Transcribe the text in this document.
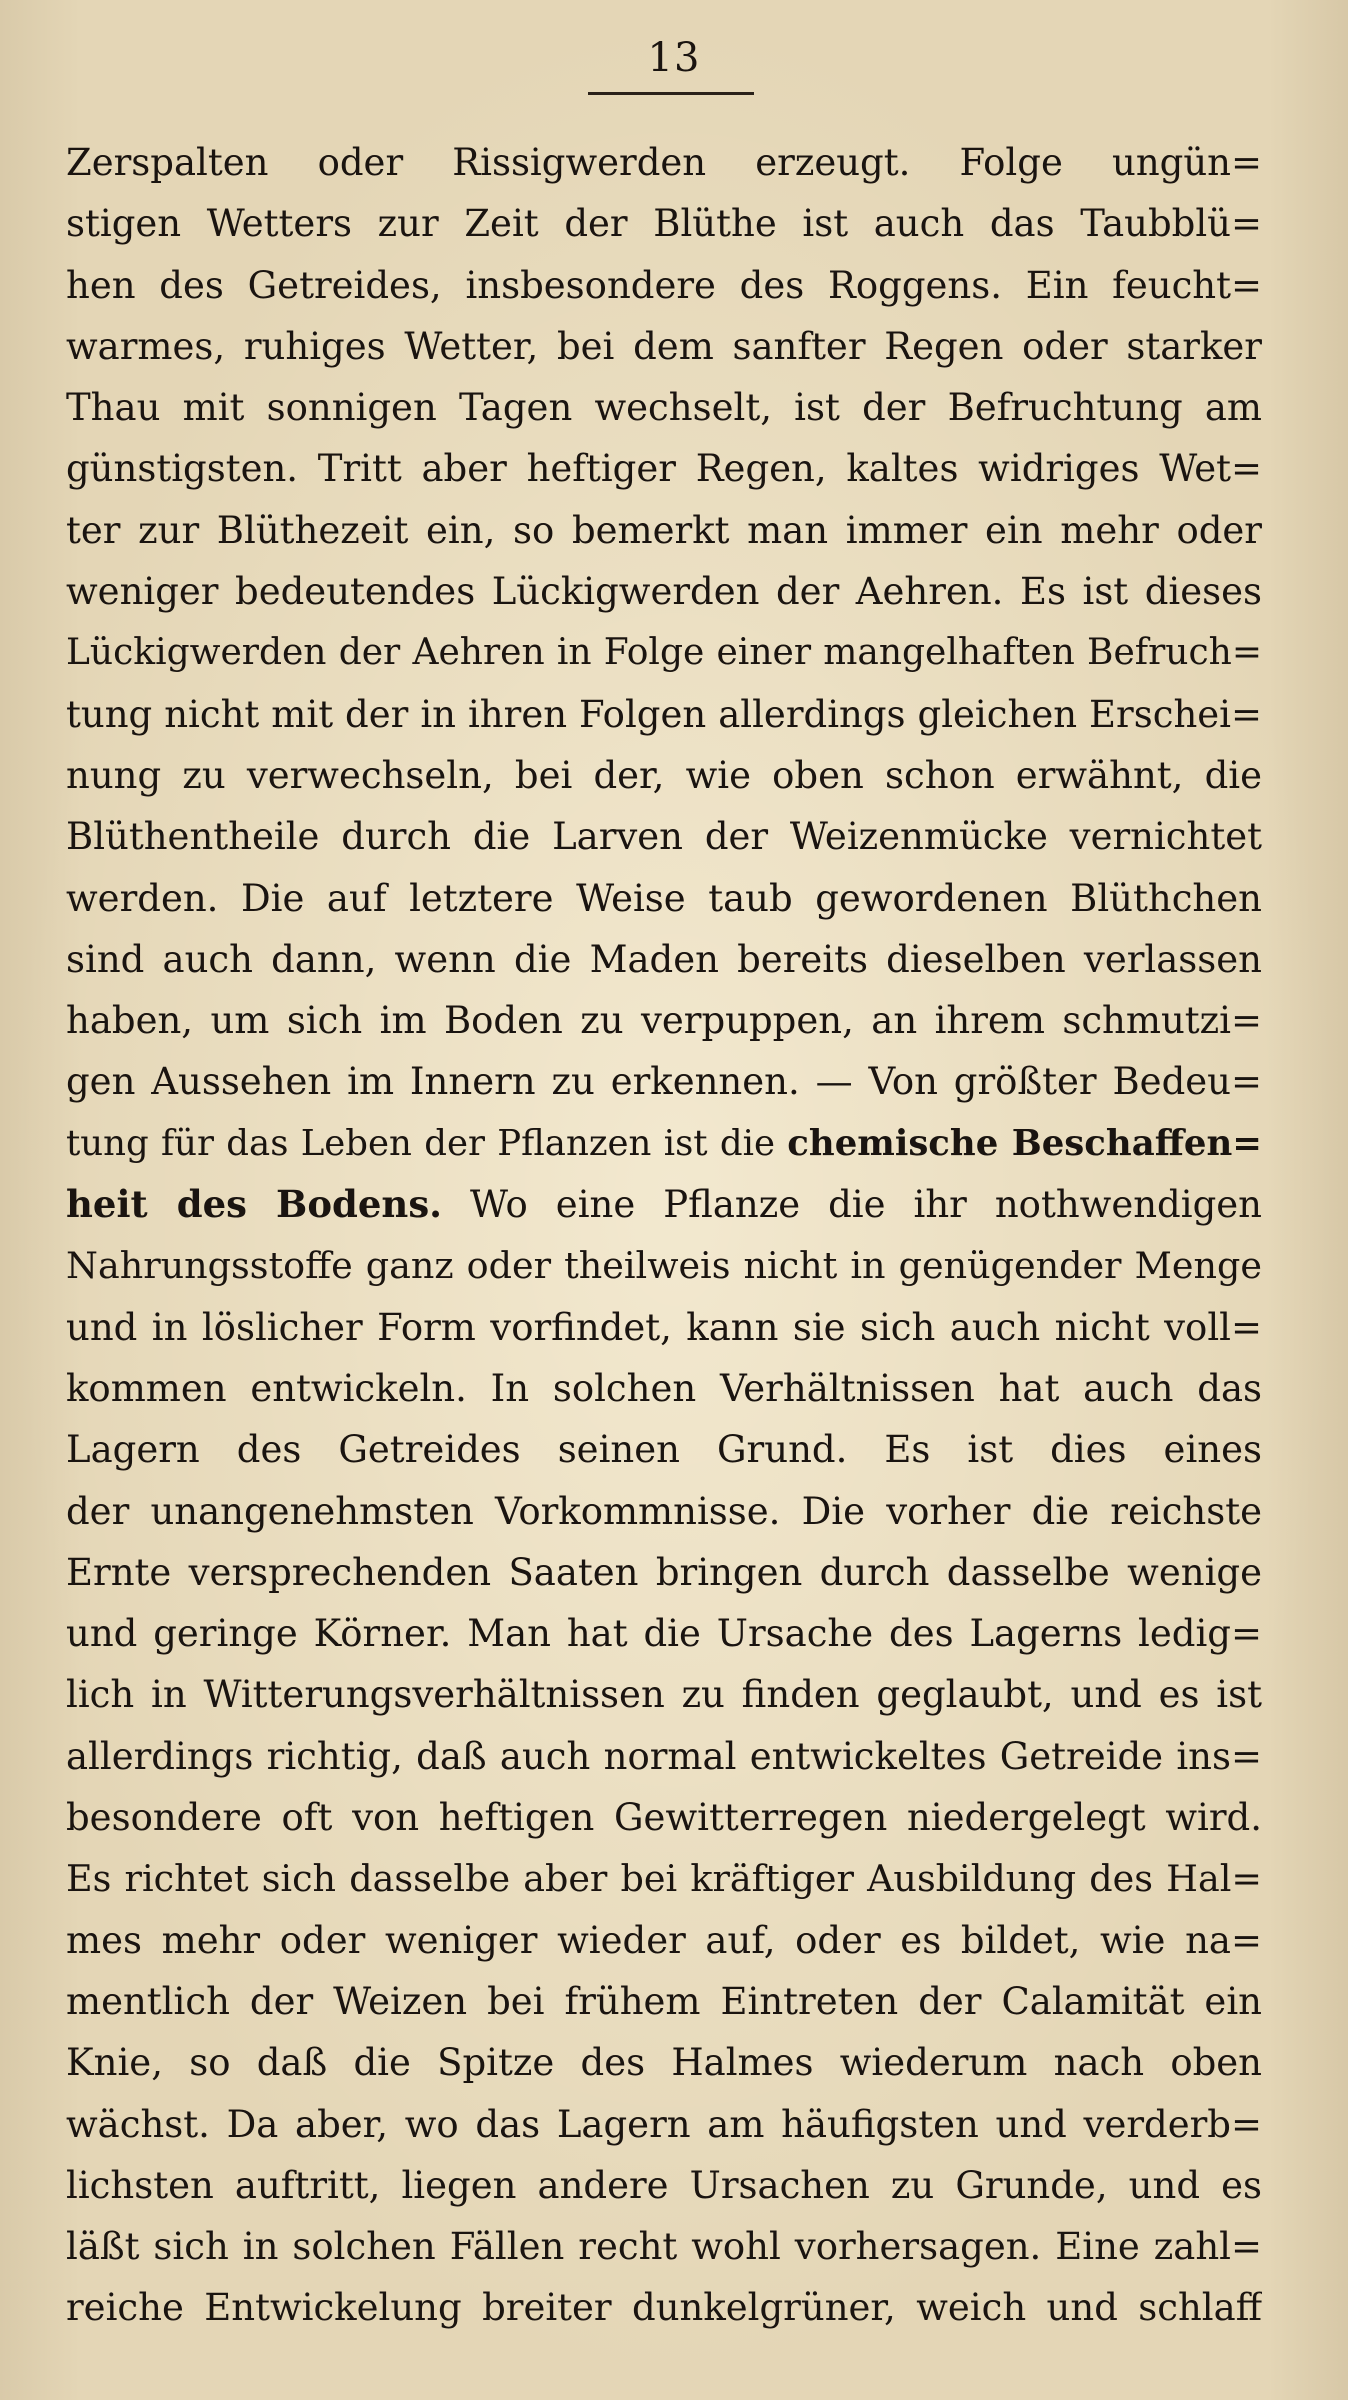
13
Zerspalten oder Rissigwerden erzeugt. Folge ungün=
stigen Wetters zur Zeit der Blüthe ist auch das Taubblü=
hen des Getreides, insbesondere des Roggens. Ein feucht=
warmes, ruhiges Wetter, bei dem sanfter Regen oder starker
Thau mit sonnigen Tagen wechselt, ist der Befruchtung am
günstigsten. Tritt aber heftiger Regen, kaltes widriges Wet=
ter zur Blüthezeit ein, so bemerkt man immer ein mehr oder
weniger bedeutendes Lückigwerden der Aehren. Es ist dieses
Lückigwerden der Aehren in Folge einer mangelhaften Befruch=
tung nicht mit der in ihren Folgen allerdings gleichen Erschei=
nung zu verwechseln, bei der, wie oben schon erwähnt, die
Blüthentheile durch die Larven der Weizenmücke vernichtet
werden. Die auf letztere Weise taub gewordenen Blüthchen
sind auch dann, wenn die Maden bereits dieselben verlassen
haben, um sich im Boden zu verpuppen, an ihrem schmutzi=
gen Aussehen im Innern zu erkennen. — Von größter Bedeu=
tung für das Leben der Pflanzen ist die chemische Beschaffen=
heit des Bodens. Wo eine Pflanze die ihr nothwendigen
Nahrungsstoffe ganz oder theilweis nicht in genügender Menge
und in löslicher Form vorfindet, kann sie sich auch nicht voll=
kommen entwickeln. In solchen Verhältnissen hat auch das
Lagern des Getreides seinen Grund. Es ist dies eines
der unangenehmsten Vorkommnisse. Die vorher die reichste
Ernte versprechenden Saaten bringen durch dasselbe wenige
und geringe Körner. Man hat die Ursache des Lagerns ledig=
lich in Witterungsverhältnissen zu finden geglaubt, und es ist
allerdings richtig, daß auch normal entwickeltes Getreide ins=
besondere oft von heftigen Gewitterregen niedergelegt wird.
Es richtet sich dasselbe aber bei kräftiger Ausbildung des Hal=
mes mehr oder weniger wieder auf, oder es bildet, wie na=
mentlich der Weizen bei frühem Eintreten der Calamität ein
Knie, so daß die Spitze des Halmes wiederum nach oben
wächst. Da aber, wo das Lagern am häufigsten und verderb=
lichsten auftritt, liegen andere Ursachen zu Grunde, und es
läßt sich in solchen Fällen recht wohl vorhersagen. Eine zahl=
reiche Entwickelung breiter dunkelgrüner, weich und schlaff
